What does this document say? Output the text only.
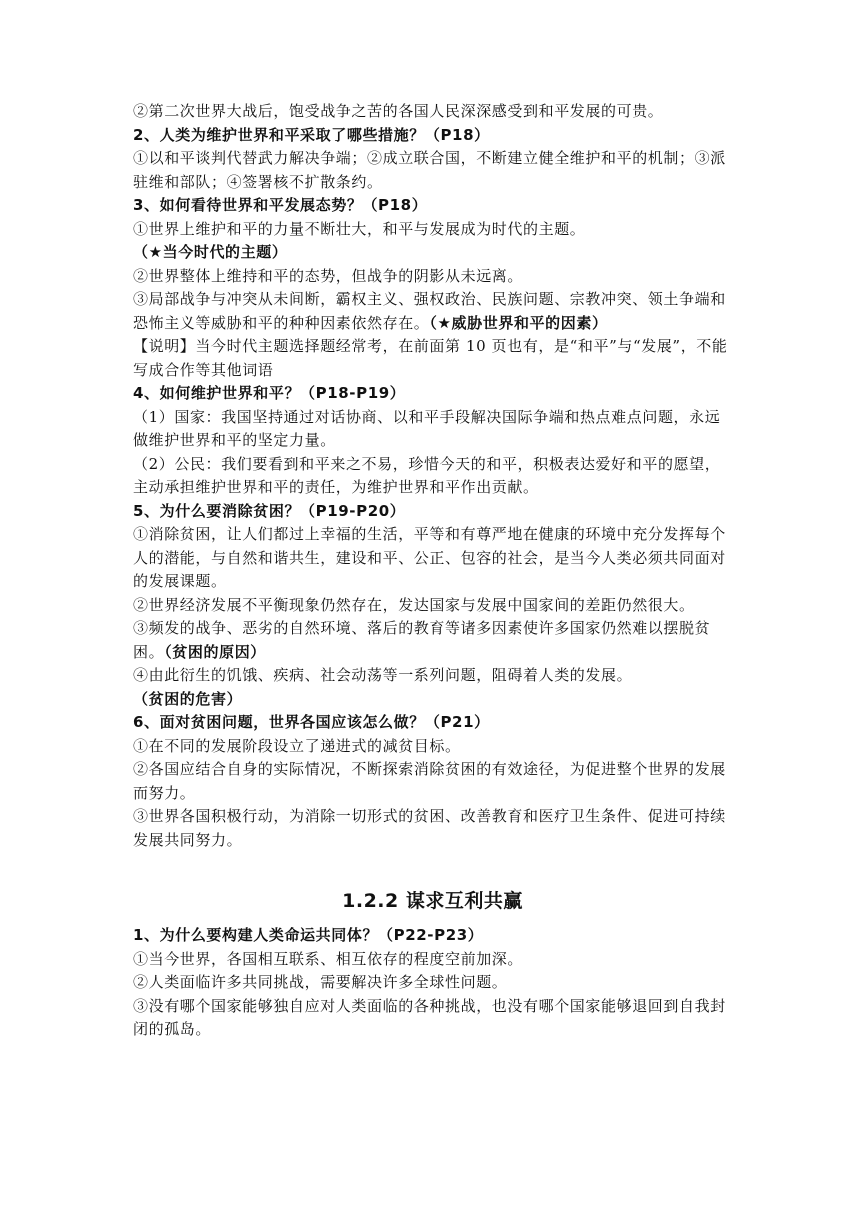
②第二次世界大战后，饱受战争之苦的各国人民深深感受到和平发展的可贵。

2、人类为维护世界和平采取了哪些措施？（P18）

①以和平谈判代替武力解决争端；②成立联合国，不断建立健全维护和平的机制；③派驻维和部队；④签署核不扩散条约。

3、如何看待世界和平发展态势？（P18）

①世界上维护和平的力量不断壮大，和平与发展成为时代的主题。（★当今时代的主题）

②世界整体上维持和平的态势，但战争的阴影从未远离。

③局部战争与冲突从未间断，霸权主义、强权政治、民族问题、宗教冲突、领土争端和恐怖主义等威胁和平的种种因素依然存在。（★威胁世界和平的因素）

【说明】当今时代主题选择题经常考，在前面第 10 页也有，是“和平”与“发展”，不能写成合作等其他词语

4、如何维护世界和平？（P18-P19）

（1）国家：我国坚持通过对话协商、以和平手段解决国际争端和热点难点问题，永远做维护世界和平的坚定力量。

（2）公民：我们要看到和平来之不易，珍惜今天的和平，积极表达爱好和平的愿望，主动承担维护世界和平的责任，为维护世界和平作出贡献。

5、为什么要消除贫困？（P19-P20）

①消除贫困，让人们都过上幸福的生活，平等和有尊严地在健康的环境中充分发挥每个人的潜能，与自然和谐共生，建设和平、公正、包容的社会，是当今人类必须共同面对的发展课题。

②世界经济发展不平衡现象仍然存在，发达国家与发展中国家间的差距仍然很大。

③频发的战争、恶劣的自然环境、落后的教育等诸多因素使许多国家仍然难以摆脱贫困。（贫困的原因）

④由此衍生的饥饿、疾病、社会动荡等一系列问题，阻碍着人类的发展。（贫困的危害）

6、面对贫困问题，世界各国应该怎么做？（P21）

①在不同的发展阶段设立了递进式的减贫目标。

②各国应结合自身的实际情况，不断探索消除贫困的有效途径，为促进整个世界的发展而努力。

③世界各国积极行动，为消除一切形式的贫困、改善教育和医疗卫生条件、促进可持续发展共同努力。

1.2.2 谋求互利共赢

1、为什么要构建人类命运共同体？（P22-P23）

①当今世界，各国相互联系、相互依存的程度空前加深。

②人类面临许多共同挑战，需要解决许多全球性问题。

③没有哪个国家能够独自应对人类面临的各种挑战，也没有哪个国家能够退回到自我封闭的孤岛。
